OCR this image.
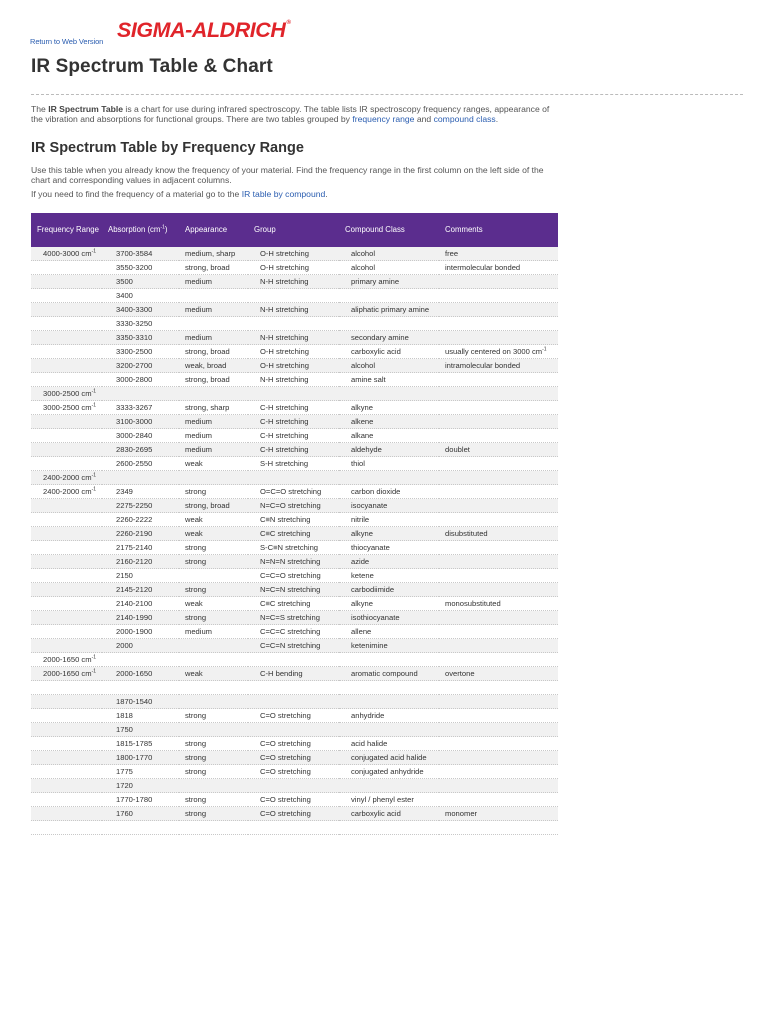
Return to Web Version SIGMA-ALDRICH®
IR Spectrum Table & Chart

The IR Spectrum Table is a chart for use during infrared spectroscopy. The table lists IR spectroscopy frequency ranges, appearance of the vibration and absorptions for functional groups. There are two tables grouped by frequency range and compound class.

IR Spectrum Table by Frequency Range

Use this table when you already know the frequency of your material. Find the frequency range in the first column on the left side of the chart and corresponding values in adjacent columns.

If you need to find the frequency of a material go to the IR table by compound.

Frequency Range	Absorption $(cm^{-1})$	Appearance	Group	Compound Class	Comments
4000-3000 $cm^{-1}$	3700-3584	medium, sharp	O-H stretching	alcohol	free
	3550-3200	strong, broad	O-H stretching	alcohol	intermolecular bonded
	3500	medium	N-H stretching	primary amine	
	3400				
	3400-3300	medium	N-H stretching	aliphatic primary amine	
	3330-3250				
	3350-3310	medium	N-H stretching	secondary amine	
	3300-2500	strong, broad	O-H stretching	carboxylic acid	usually centered on 3000 $cm^{-1}$
	3200-2700	weak, broad	O-H stretching	alcohol	intramolecular bonded
	3000-2800	strong, broad	N-H stretching	amine salt	
3000-2500 $cm^{-1}$					
3000-2500 $cm^{-1}$	3333-3267	strong, sharp	C-H stretching	alkyne	
	3100-3000	medium	C-H stretching	alkene	
	3000-2840	medium	C-H stretching	alkane	
	2830-2695	medium	C-H stretching	aldehyde	doublet
	2600-2550	weak	S-H stretching	thiol	
2400-2000 $cm^{-1}$					
2400-2000 $cm^{-1}$	2349	strong	O=C=O stretching	carbon dioxide	
	2275-2250	strong, broad	N=C=O stretching	isocyanate	
	2260-2222	weak	C≡N stretching	nitrile	
	2260-2190	weak	C≡C stretching	alkyne	disubstituted
	2175-2140	strong	S-C≡N stretching	thiocyanate	
	2160-2120	strong	N=N=N stretching	azide	
	2150		C=C=O stretching	ketene	
	2145-2120	strong	N=C=N stretching	carbodiimide	
	2140-2100	weak	C≡C stretching	alkyne	monosubstituted
	2140-1990	strong	N=C=S stretching	isothiocyanate	
	2000-1900	medium	C=C=C stretching	allene	
	2000		C=C=N stretching	ketenimine	
2000-1650 $cm^{-1}$					
2000-1650 $cm^{-1}$	2000-1650	weak	C-H bending	aromatic compound	overtone

	1870-1540				
	1818	strong	C=O stretching	anhydride	
	1750				
	1815-1785	strong	C=O stretching	acid halide	
	1800-1770	strong	C=O stretching	conjugated acid halide	
	1775	strong	C=O stretching	conjugated anhydride	
	1720				
	1770-1780	strong	C=O stretching	vinyl / phenyl ester	
	1760	strong	C=O stretching	carboxylic acid	monomer
